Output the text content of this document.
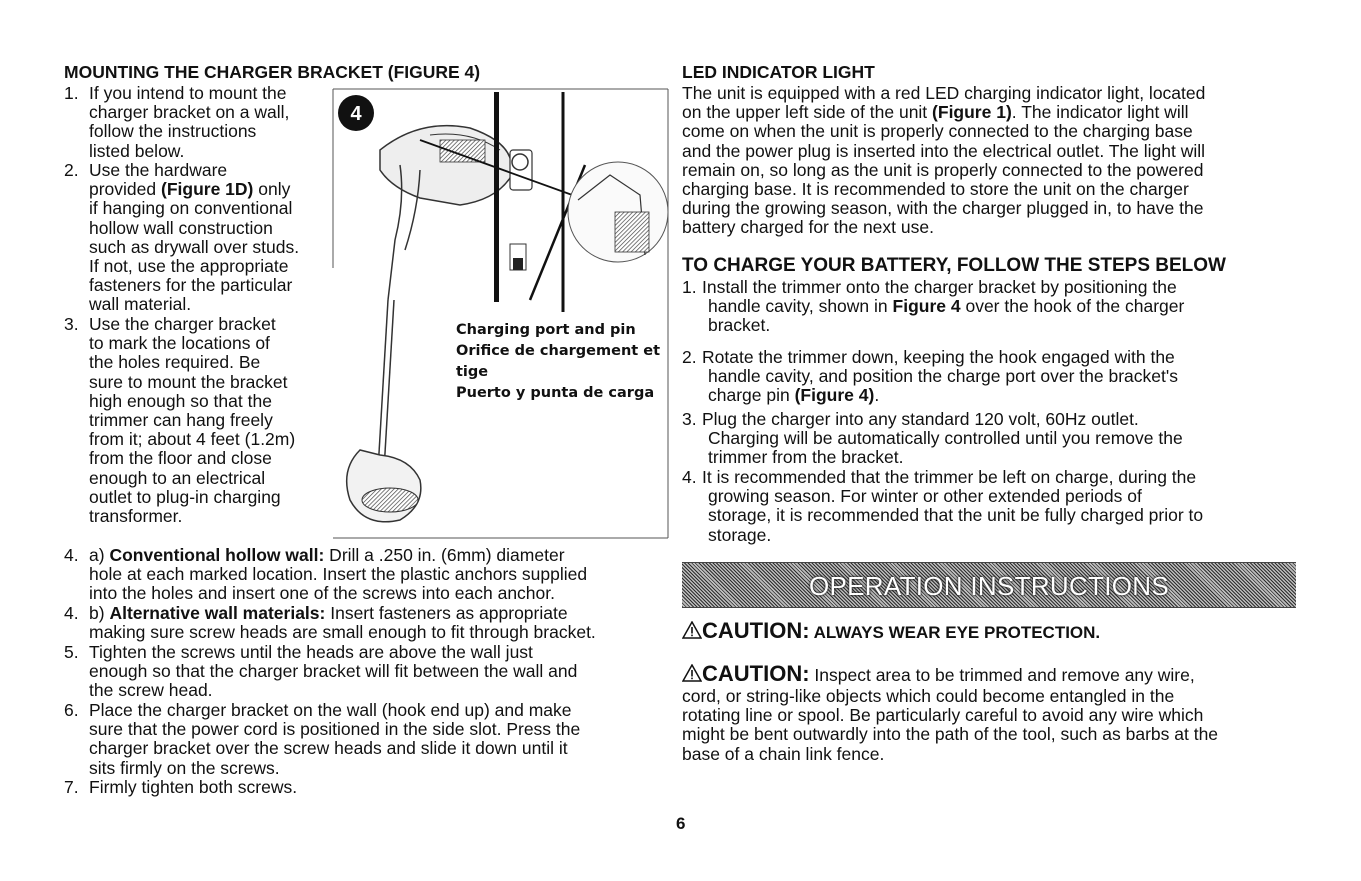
MOUNTING THE CHARGER BRACKET (FIGURE 4)
1. If you intend to mount the
charger bracket on a wall,
follow the instructions
listed below.
2. Use the hardware
provided (Figure 1D) only
if hanging on conventional
hollow wall construction
such as drywall over studs.
If not, use the appropriate
fasteners for the particular
wall material.
3. Use the charger bracket
to mark the locations of
the holes required. Be
sure to mount the bracket
high enough so that the
trimmer can hang freely
from it; about 4 feet (1.2m)
from the floor and close
enough to an electrical
outlet to plug-in charging
transformer.
4. a) Conventional hollow wall: Drill a .250 in. (6mm) diameter
hole at each marked location. Insert the plastic anchors supplied
into the holes and insert one of the screws into each anchor.
4. b) Alternative wall materials: Insert fasteners as appropriate
making sure screw heads are small enough to fit through bracket.
5. Tighten the screws until the heads are above the wall just
enough so that the charger bracket will fit between the wall and
the screw head.
6. Place the charger bracket on the wall (hook end up) and make
sure that the power cord is positioned in the side slot. Press the
charger bracket over the screw heads and slide it down until it
sits firmly on the screws.
7. Firmly tighten both screws.
4
Charging port and pin
Orifice de chargement et
tige
Puerto y punta de carga
LED INDICATOR LIGHT
The unit is equipped with a red LED charging indicator light, located
on the upper left side of the unit (Figure 1). The indicator light will
come on when the unit is properly connected to the charging base
and the power plug is inserted into the electrical outlet. The light will
remain on, so long as the unit is properly connected to the powered
charging base. It is recommended to store the unit on the charger
during the growing season, with the charger plugged in, to have the
battery charged for the next use.
TO CHARGE YOUR BATTERY, FOLLOW THE STEPS BELOW
1. Install the trimmer onto the charger bracket by positioning the
handle cavity, shown in Figure 4 over the hook of the charger
bracket.
2. Rotate the trimmer down, keeping the hook engaged with the
handle cavity, and position the charge port over the bracket's
charge pin (Figure 4).
3. Plug the charger into any standard 120 volt, 60Hz outlet.
Charging will be automatically controlled until you remove the
trimmer from the bracket.
4. It is recommended that the trimmer be left on charge, during the
growing season. For winter or other extended periods of
storage, it is recommended that the unit be fully charged prior to
storage.
OPERATION INSTRUCTIONS
CAUTION: ALWAYS WEAR EYE PROTECTION.
CAUTION: Inspect area to be trimmed and remove any wire,
cord, or string-like objects which could become entangled in the
rotating line or spool. Be particularly careful to avoid any wire which
might be bent outwardly into the path of the tool, such as barbs at the
base of a chain link fence.
6
